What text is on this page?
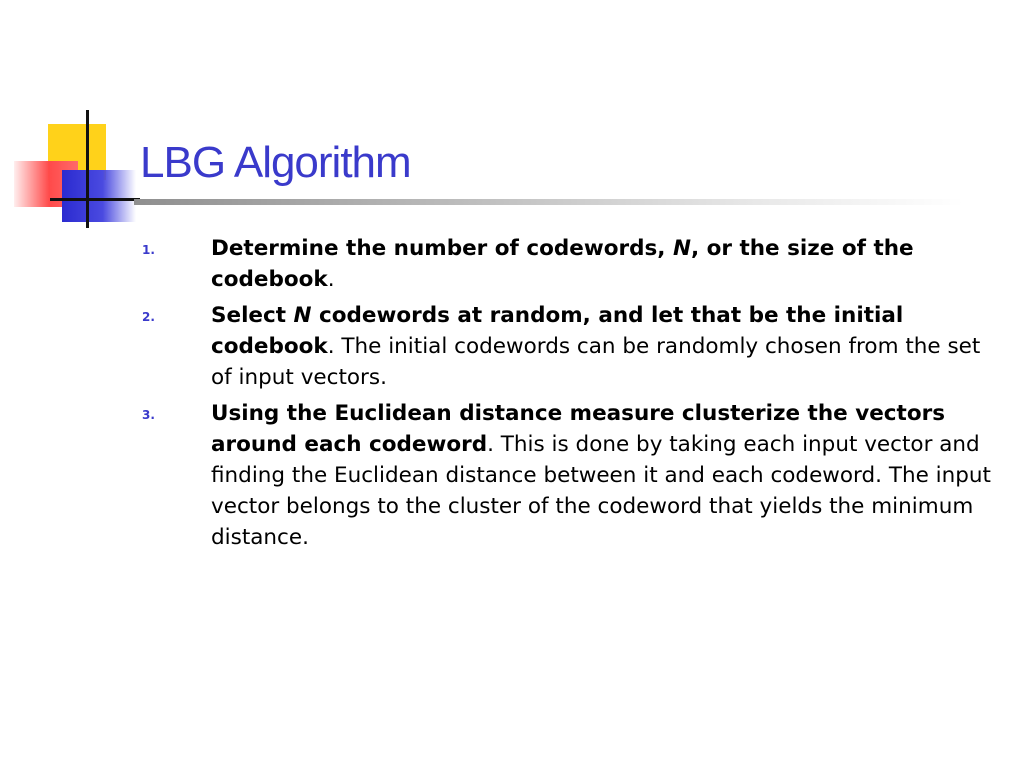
LBG Algorithm
1.	Determine the number of codewords, N, or the size of the codebook.
2.	Select N codewords at random, and let that be the initial codebook. The initial codewords can be randomly chosen from the set of input vectors.
3.	Using the Euclidean distance measure clusterize the vectors around each codeword. This is done by taking each input vector and finding the Euclidean distance between it and each codeword. The input vector belongs to the cluster of the codeword that yields the minimum distance.
